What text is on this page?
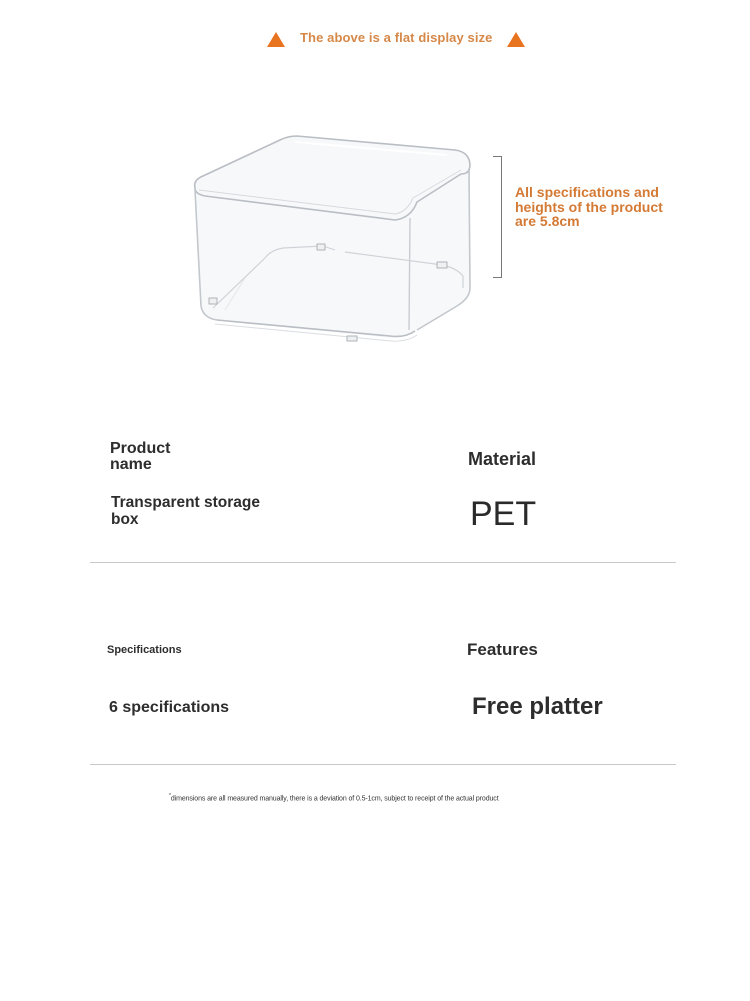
The above is a flat display size
All specifications and heights of the product are 5.8cm
Product name	Material
Transparent storage box	PET
Specifications	Features
6 specifications	Free platter
*dimensions are all measured manually, there is a deviation of 0.5-1cm, subject to receipt of the actual product
